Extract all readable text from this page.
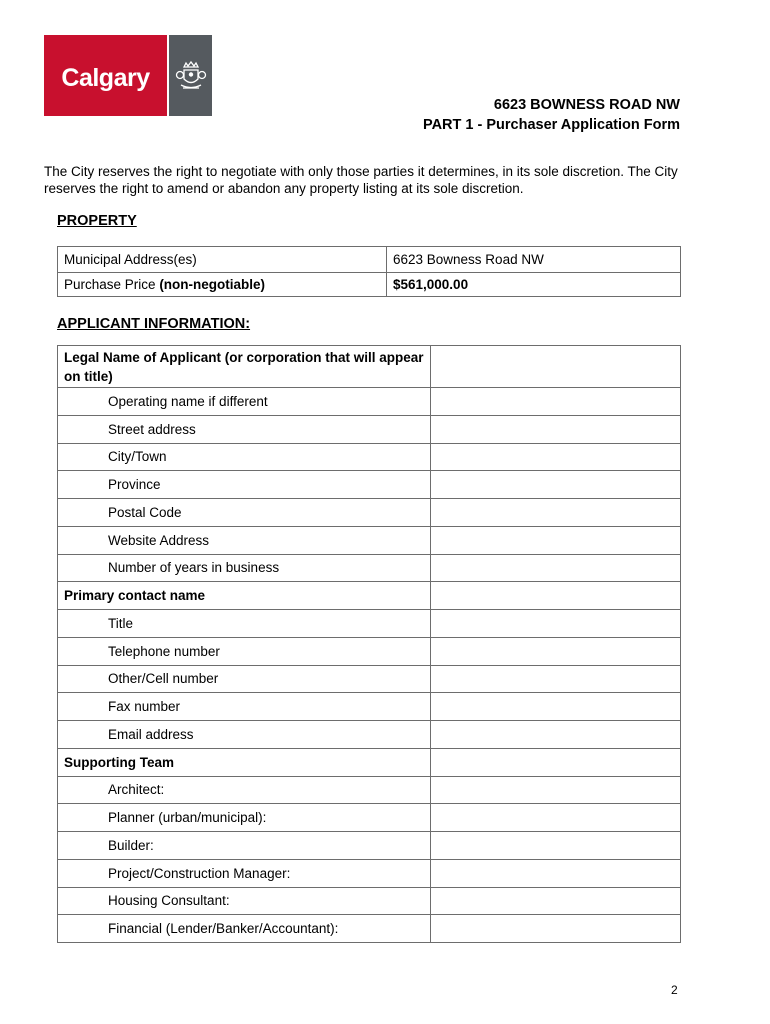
Calgary
6623 BOWNESS ROAD NW
PART 1 - Purchaser Application Form
The City reserves the right to negotiate with only those parties it determines, in its sole discretion. The City reserves the right to amend or abandon any property listing at its sole discretion.
PROPERTY
Municipal Address(es)	6623 Bowness Road NW
Purchase Price (non-negotiable)	$561,000.00
APPLICANT INFORMATION:
Legal Name of Applicant (or corporation that will appear on title)	
Operating name if different	
Street address	
City/Town	
Province	
Postal Code	
Website Address	
Number of years in business	
Primary contact name	
Title	
Telephone number	
Other/Cell number	
Fax number	
Email address	
Supporting Team	
Architect:	
Planner (urban/municipal):	
Builder:	
Project/Construction Manager:	
Housing Consultant:	
Financial (Lender/Banker/Accountant):	
2
